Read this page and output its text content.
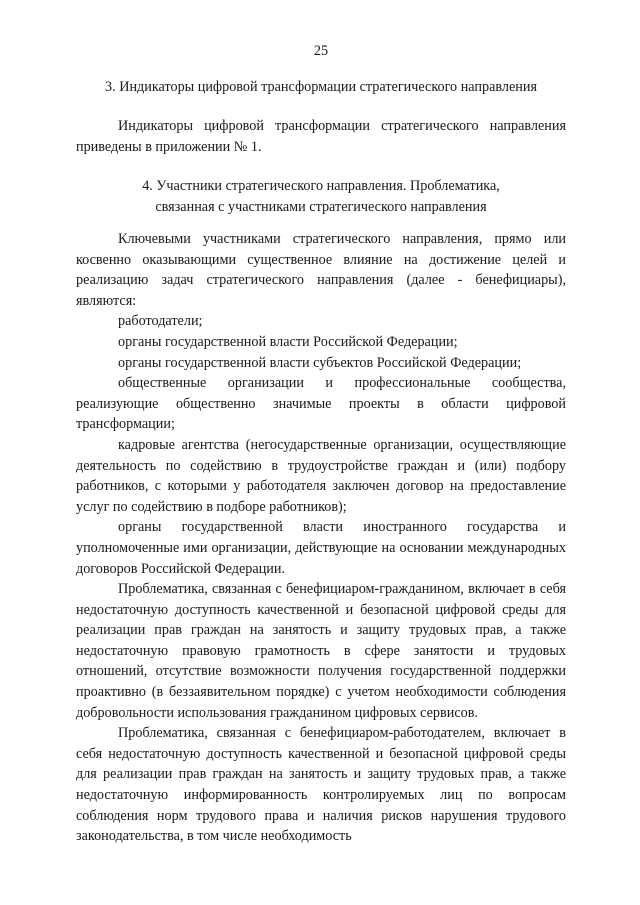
25
3. Индикаторы цифровой трансформации стратегического направления

Индикаторы цифровой трансформации стратегического направления приведены в приложении № 1.

4. Участники стратегического направления. Проблематика,
связанная с участниками стратегического направления

Ключевыми участниками стратегического направления, прямо или косвенно оказывающими существенное влияние на достижение целей и реализацию задач стратегического направления (далее - бенефициары), являются:

работодатели;

органы государственной власти Российской Федерации;

органы государственной власти субъектов Российской Федерации;

общественные организации и профессиональные сообщества, реализующие общественно значимые проекты в области цифровой трансформации;

кадровые агентства (негосударственные организации, осуществляющие деятельность по содействию в трудоустройстве граждан и (или) подбору работников, с которыми у работодателя заключен договор на предоставление услуг по содействию в подборе работников);

органы государственной власти иностранного государства и уполномоченные ими организации, действующие на основании международных договоров Российской Федерации.

Проблематика, связанная с бенефициаром-гражданином, включает в себя недостаточную доступность качественной и безопасной цифровой среды для реализации прав граждан на занятость и защиту трудовых прав, а также недостаточную правовую грамотность в сфере занятости и трудовых отношений, отсутствие возможности получения государственной поддержки проактивно (в беззаявительном порядке) с учетом необходимости соблюдения добровольности использования гражданином цифровых сервисов.

Проблематика, связанная с бенефициаром-работодателем, включает в себя недостаточную доступность качественной и безопасной цифровой среды для реализации прав граждан на занятость и защиту трудовых прав, а также недостаточную информированность контролируемых лиц по вопросам соблюдения норм трудового права и наличия рисков нарушения трудового законодательства, в том числе необходимость
